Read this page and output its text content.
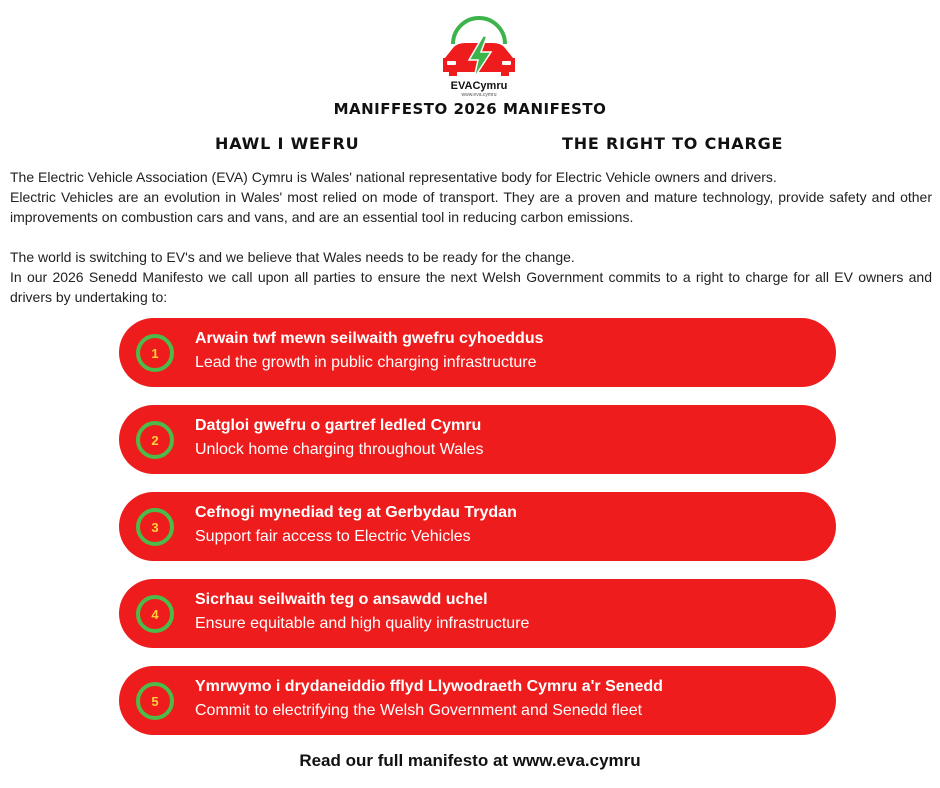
EVACymru
www.eva.cymru
MANIFFESTO 2026 MANIFESTO
HAWL I WEFRU	THE RIGHT TO CHARGE

The Electric Vehicle Association (EVA) Cymru is Wales' national representative body for Electric Vehicle owners and drivers.

Electric Vehicles are an evolution in Wales' most relied on mode of transport. They are a proven and mature technology, provide safety and other improvements on combustion cars and vans, and are an essential tool in reducing carbon emissions.

The world is switching to EV's and we believe that Wales needs to be ready for the change.

In our 2026 Senedd Manifesto we call upon all parties to ensure the next Welsh Government commits to a right to charge for all EV owners and drivers by undertaking to:

1
Arwain twf mewn seilwaith gwefru cyhoeddus
Lead the growth in public charging infrastructure
2
Datgloi gwefru o gartref ledled Cymru
Unlock home charging throughout Wales
3
Cefnogi mynediad teg at Gerbydau Trydan
Support fair access to Electric Vehicles
4
Sicrhau seilwaith teg o ansawdd uchel
Ensure equitable and high quality infrastructure
5
Ymrwymo i drydaneiddio fflyd Llywodraeth Cymru a'r Senedd
Commit to electrifying the Welsh Government and Senedd fleet
Read our full manifesto at www.eva.cymru
